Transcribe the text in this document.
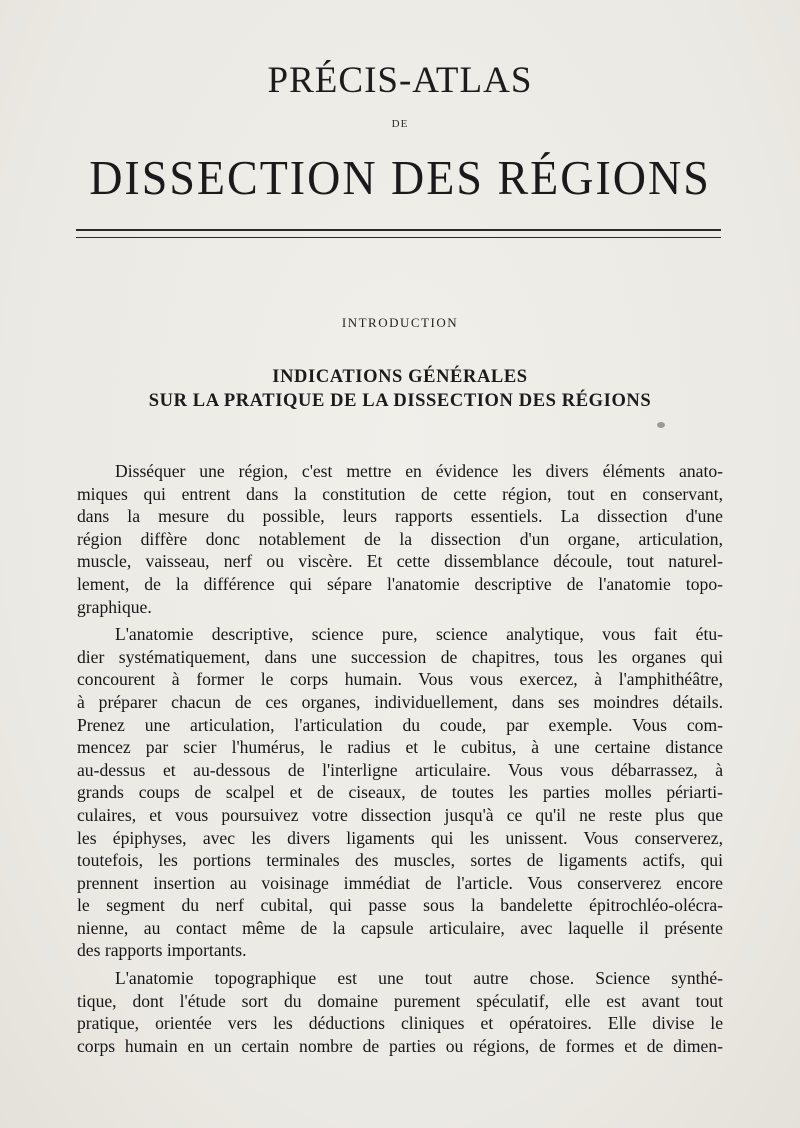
PRÉCIS-ATLAS
DE
DISSECTION DES RÉGIONS
INTRODUCTION
INDICATIONS GÉNÉRALES
SUR LA PRATIQUE DE LA DISSECTION DES RÉGIONS

Disséquer une région, c'est mettre en évidence les divers éléments anato-
miques qui entrent dans la constitution de cette région, tout en conservant,
dans la mesure du possible, leurs rapports essentiels. La dissection d'une
région diffère donc notablement de la dissection d'un organe, articulation,
muscle, vaisseau, nerf ou viscère. Et cette dissemblance découle, tout naturel-
lement, de la différence qui sépare l'anatomie descriptive de l'anatomie topo-
graphique.

L'anatomie descriptive, science pure, science analytique, vous fait étu-
dier systématiquement, dans une succession de chapitres, tous les organes qui
concourent à former le corps humain. Vous vous exercez, à l'amphithéâtre,
à préparer chacun de ces organes, individuellement, dans ses moindres détails.
Prenez une articulation, l'articulation du coude, par exemple. Vous com-
mencez par scier l'humérus, le radius et le cubitus, à une certaine distance
au-dessus et au-dessous de l'interligne articulaire. Vous vous débarrassez, à
grands coups de scalpel et de ciseaux, de toutes les parties molles périarti-
culaires, et vous poursuivez votre dissection jusqu'à ce qu'il ne reste plus que
les épiphyses, avec les divers ligaments qui les unissent. Vous conserverez,
toutefois, les portions terminales des muscles, sortes de ligaments actifs, qui
prennent insertion au voisinage immédiat de l'article. Vous conserverez encore
le segment du nerf cubital, qui passe sous la bandelette épitrochléo-olécra-
nienne, au contact même de la capsule articulaire, avec laquelle il présente
des rapports importants.

L'anatomie topographique est une tout autre chose. Science synthé-
tique, dont l'étude sort du domaine purement spéculatif, elle est avant tout
pratique, orientée vers les déductions cliniques et opératoires. Elle divise le
corps humain en un certain nombre de parties ou régions, de formes et de dimen-
